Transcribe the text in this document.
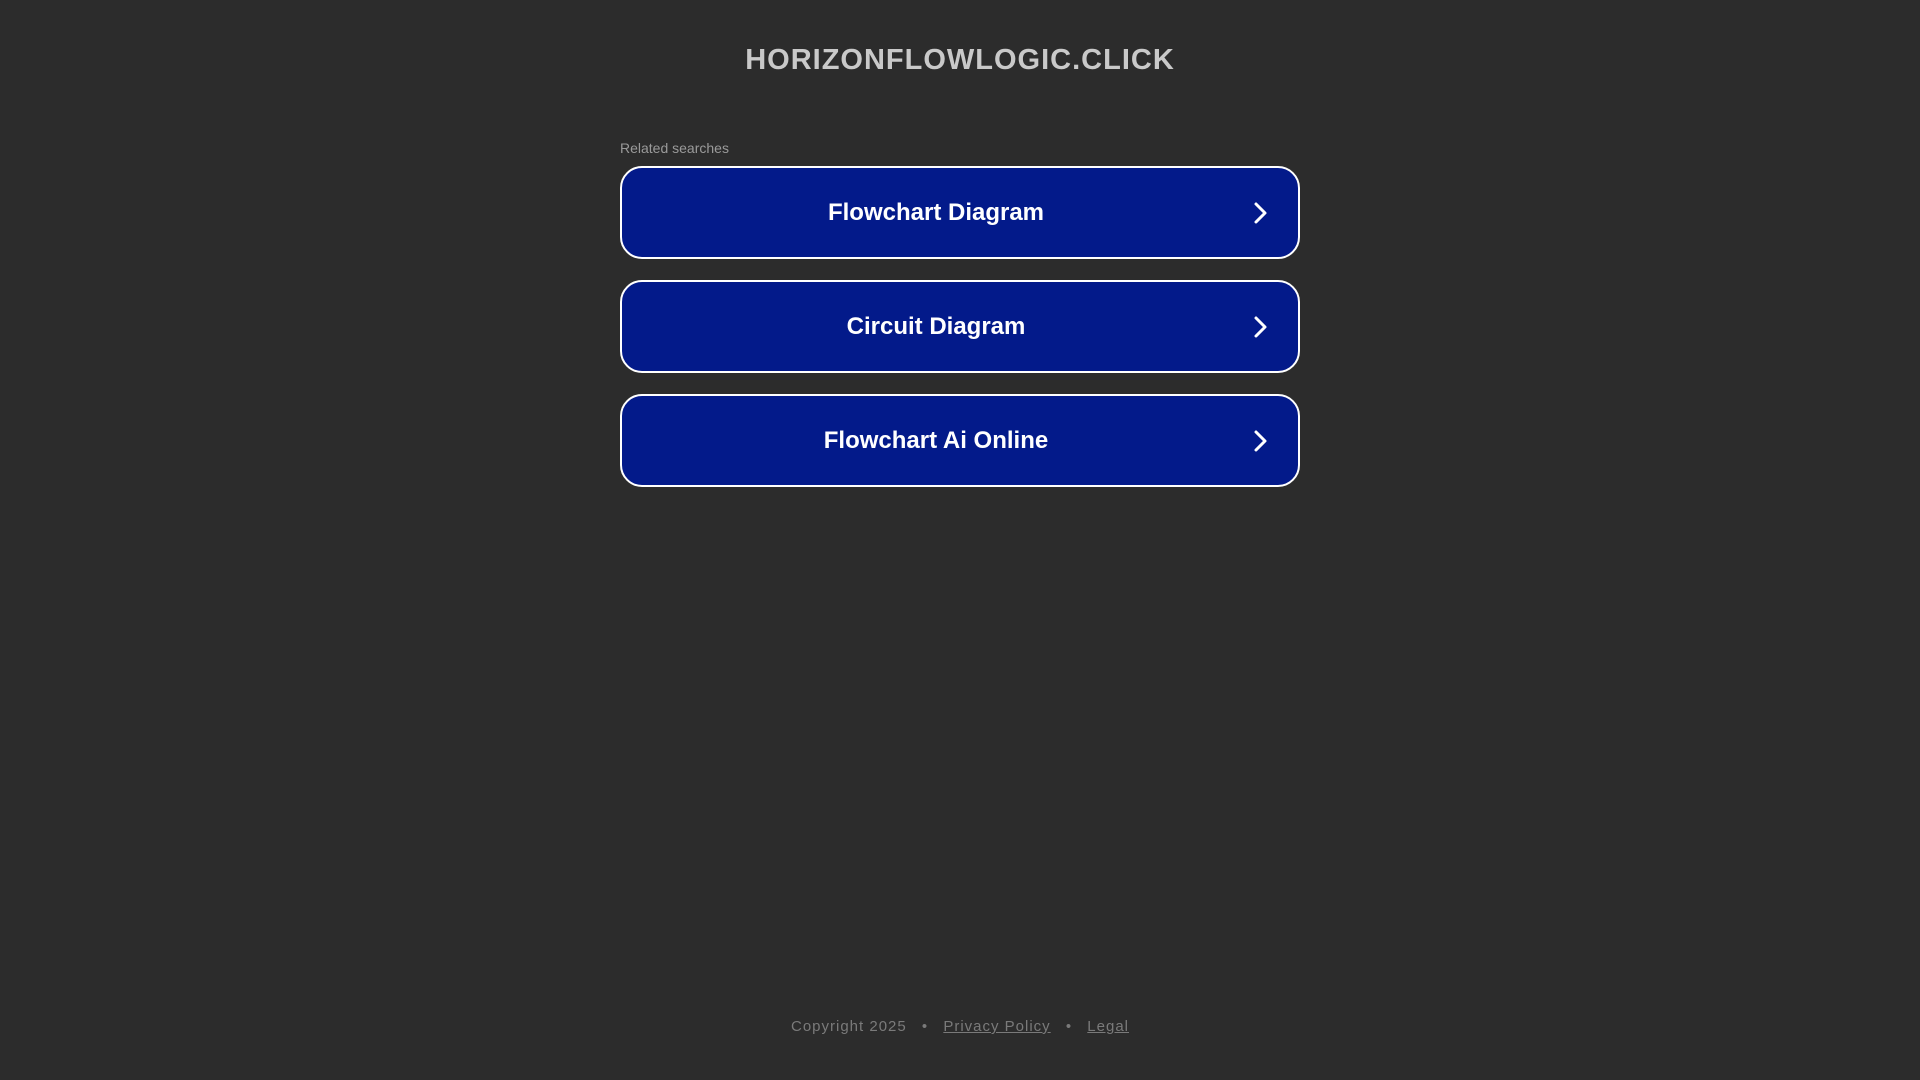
HORIZONFLOWLOGIC.CLICK

Related searches

Flowchart Diagram
Circuit Diagram
Flowchart Ai Online
Copyright 2025 • Privacy Policy • Legal
